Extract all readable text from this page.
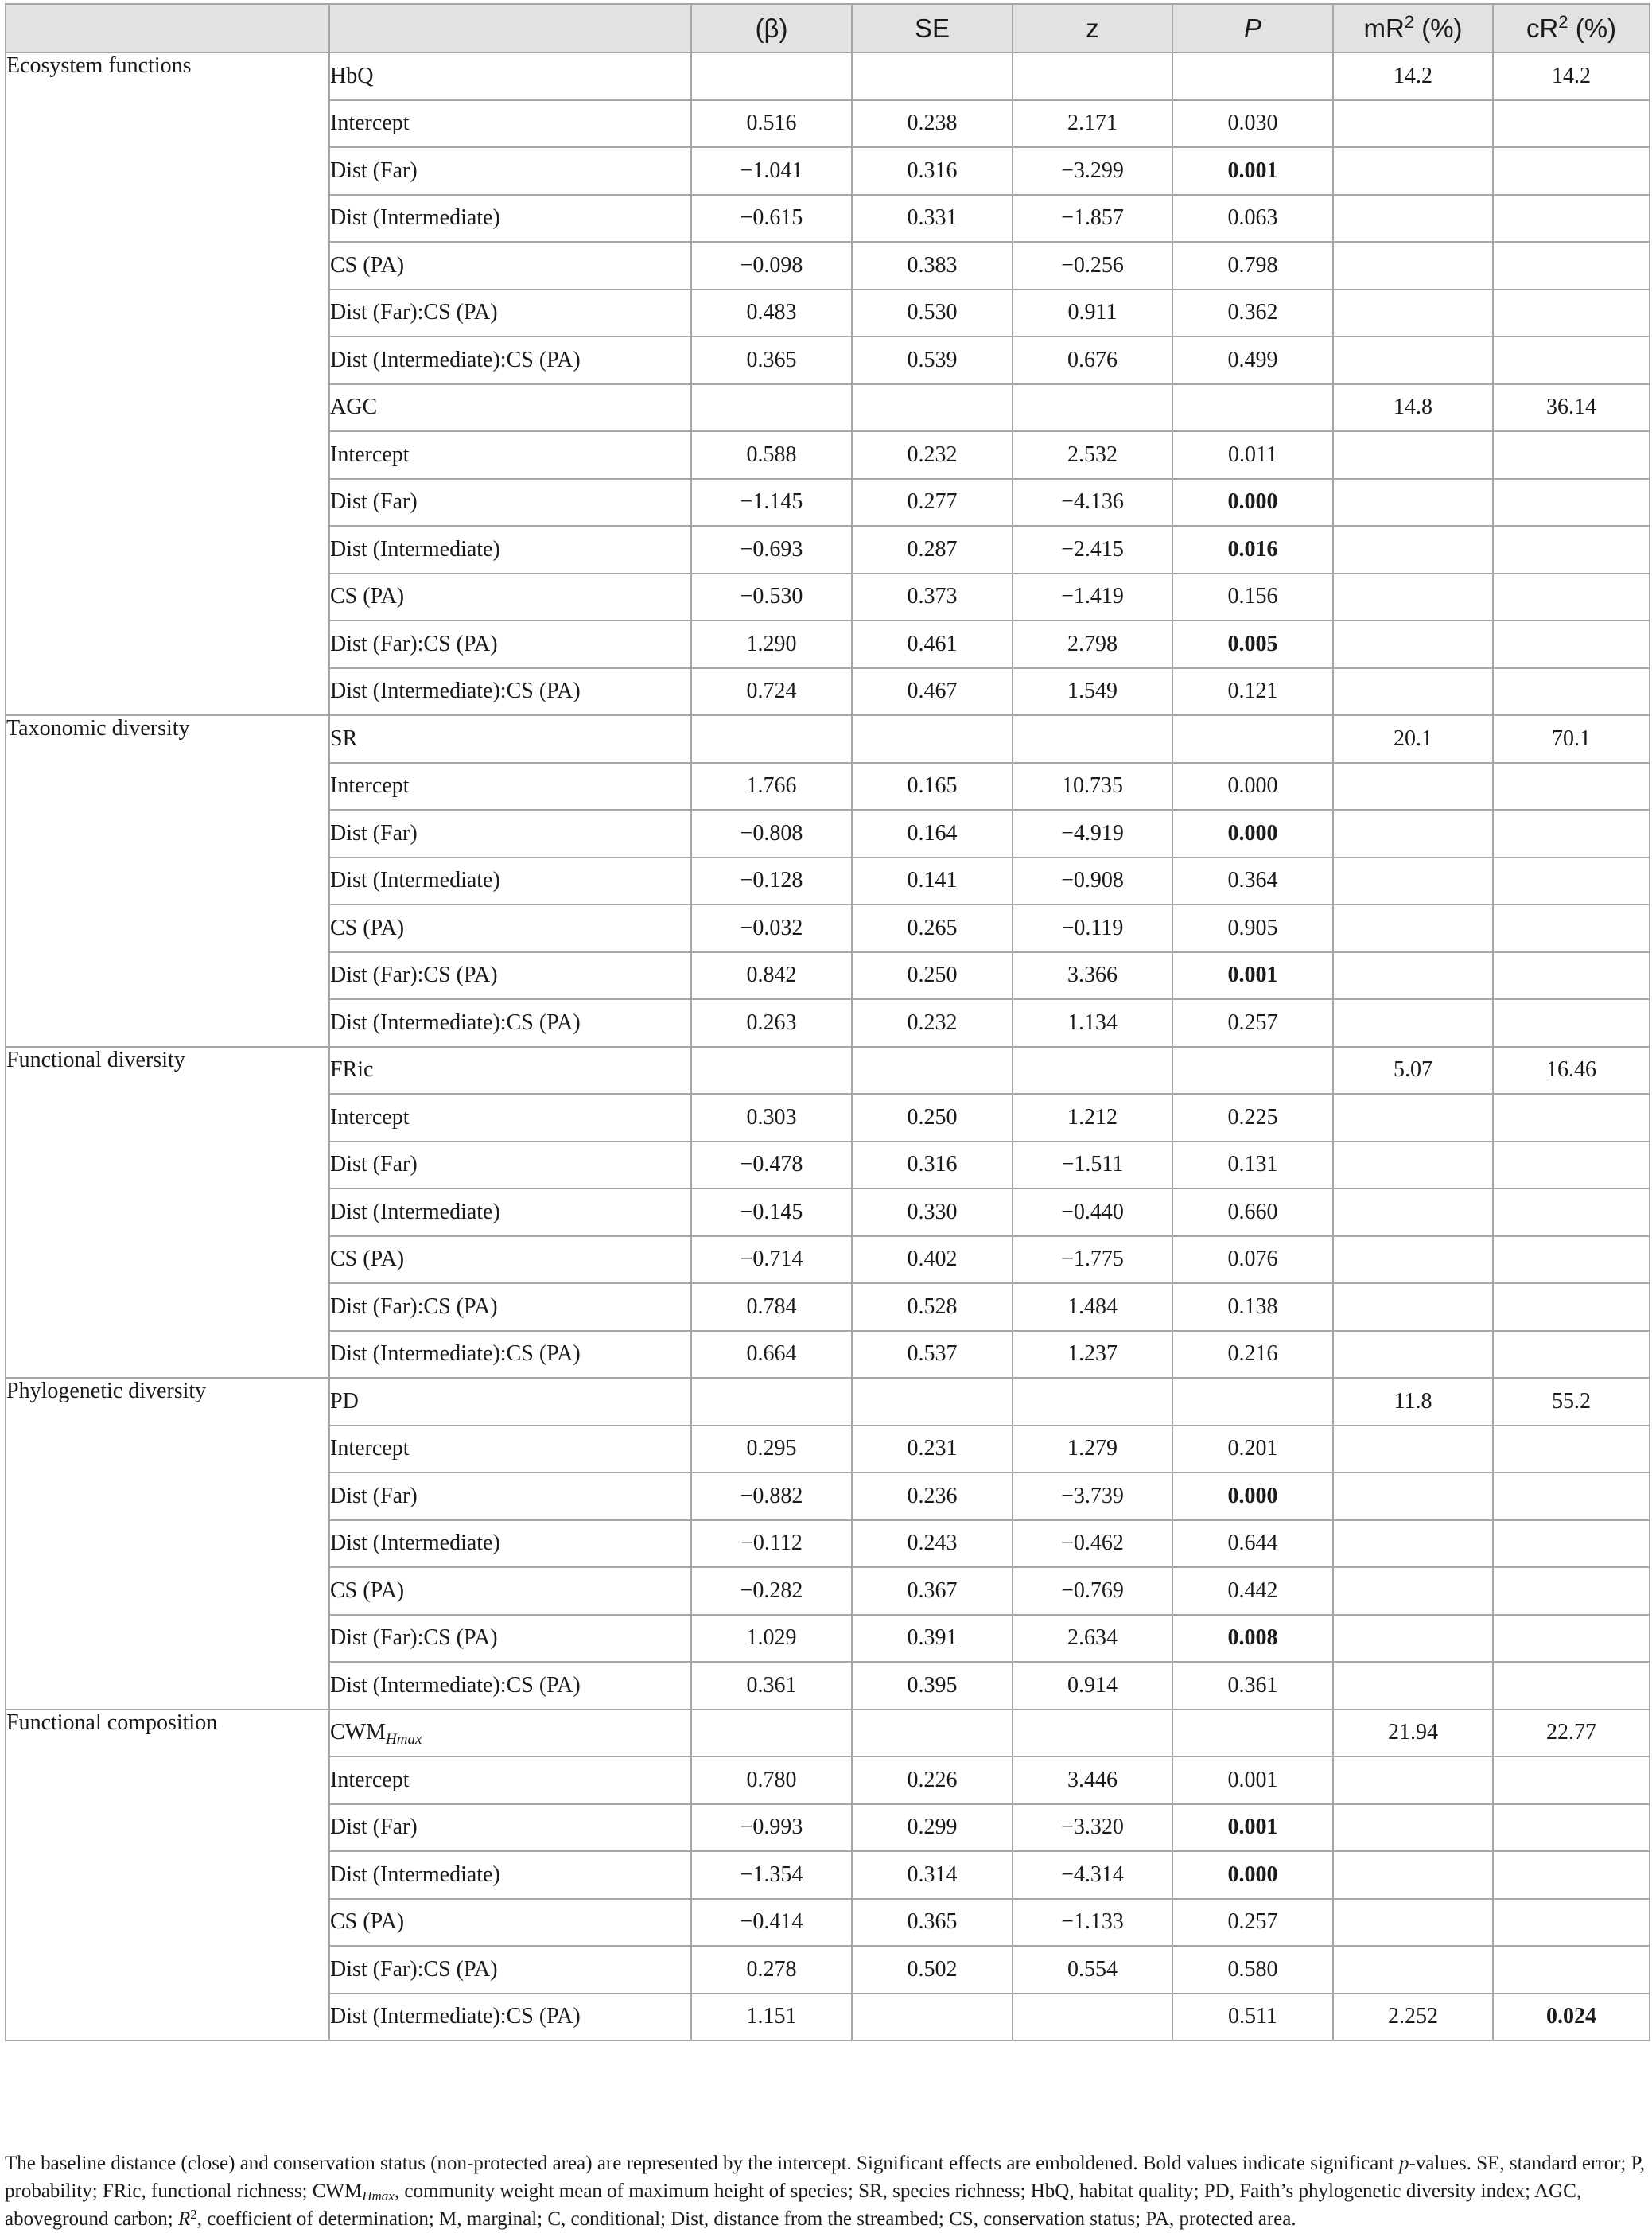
		(β)	SE	z	P	$mR^2$ (%)	$cR^2$ (%)
Ecosystem functions	HbQ					14.2	14.2
	Intercept	0.516	0.238	2.171	0.030		
	Dist (Far)	−1.041	0.316	−3.299	0.001		
	Dist (Intermediate)	−0.615	0.331	−1.857	0.063		
	CS (PA)	−0.098	0.383	−0.256	0.798		
	Dist (Far):CS (PA)	0.483	0.530	0.911	0.362		
	Dist (Intermediate):CS (PA)	0.365	0.539	0.676	0.499		
	AGC					14.8	36.14
	Intercept	0.588	0.232	2.532	0.011		
	Dist (Far)	−1.145	0.277	−4.136	0.000		
	Dist (Intermediate)	−0.693	0.287	−2.415	0.016		
	CS (PA)	−0.530	0.373	−1.419	0.156		
	Dist (Far):CS (PA)	1.290	0.461	2.798	0.005		
	Dist (Intermediate):CS (PA)	0.724	0.467	1.549	0.121		
Taxonomic diversity	SR					20.1	70.1
	Intercept	1.766	0.165	10.735	0.000		
	Dist (Far)	−0.808	0.164	−4.919	0.000		
	Dist (Intermediate)	−0.128	0.141	−0.908	0.364		
	CS (PA)	−0.032	0.265	−0.119	0.905		
	Dist (Far):CS (PA)	0.842	0.250	3.366	0.001		
	Dist (Intermediate):CS (PA)	0.263	0.232	1.134	0.257		
Functional diversity	FRic					5.07	16.46
	Intercept	0.303	0.250	1.212	0.225		
	Dist (Far)	−0.478	0.316	−1.511	0.131		
	Dist (Intermediate)	−0.145	0.330	−0.440	0.660		
	CS (PA)	−0.714	0.402	−1.775	0.076		
	Dist (Far):CS (PA)	0.784	0.528	1.484	0.138		
	Dist (Intermediate):CS (PA)	0.664	0.537	1.237	0.216		
Phylogenetic diversity	PD					11.8	55.2
	Intercept	0.295	0.231	1.279	0.201		
	Dist (Far)	−0.882	0.236	−3.739	0.000		
	Dist (Intermediate)	−0.112	0.243	−0.462	0.644		
	CS (PA)	−0.282	0.367	−0.769	0.442		
	Dist (Far):CS (PA)	1.029	0.391	2.634	0.008		
	Dist (Intermediate):CS (PA)	0.361	0.395	0.914	0.361		
Functional composition	$CWM_{Hmax}$					21.94	22.77
	Intercept	0.780	0.226	3.446	0.001		
	Dist (Far)	−0.993	0.299	−3.320	0.001		
	Dist (Intermediate)	−1.354	0.314	−4.314	0.000		
	CS (PA)	−0.414	0.365	−1.133	0.257		
	Dist (Far):CS (PA)	0.278	0.502	0.554	0.580		
	Dist (Intermediate):CS (PA)	1.151			0.511	2.252	0.024
The baseline distance (close) and conservation status (non-protected area) are represented by the intercept. Significant effects are emboldened. Bold values indicate significant p-values. SE, standard error; P, probability; FRic, functional richness; $CWM_{Hmax}$, community weight mean of maximum height of species; SR, species richness; HbQ, habitat quality; PD, Faith’s phylogenetic diversity index; AGC, aboveground carbon; $R^2$, coefficient of determination; M, marginal; C, conditional; Dist, distance from the streambed; CS, conservation status; PA, protected area.
